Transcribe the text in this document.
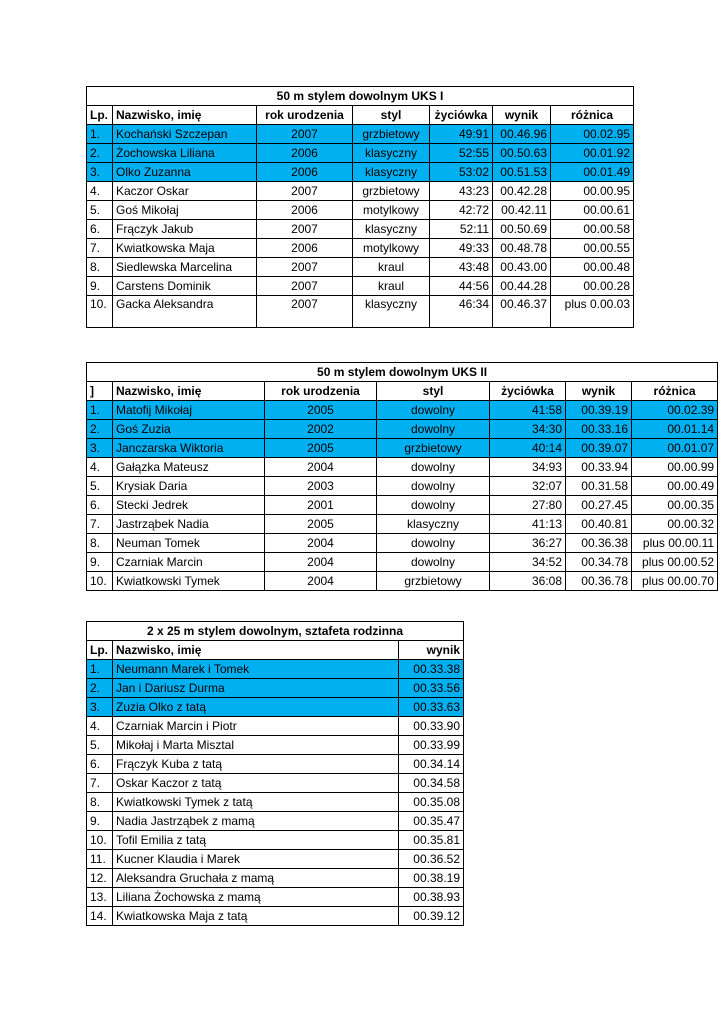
50 m stylem dowolnym UKS I						
Lp.	Nazwisko, imię	rok urodzenia	styl	życiówka	wynik	różnica
1.	Kochański Szczepan	2007	grzbietowy	49:91	00.46.96	00.02.95
2.	Żochowska Liliana	2006	klasyczny	52:55	00.50.63	00.01.92
3.	Olko Zuzanna	2006	klasyczny	53:02	00.51.53	00.01.49
4.	Kaczor Oskar	2007	grzbietowy	43:23	00.42.28	00.00.95
5.	Goś Mikołaj	2006	motylkowy	42:72	00.42.11	00.00.61
6.	Frączyk Jakub	2007	klasyczny	52:11	00.50.69	00.00.58
7.	Kwiatkowska Maja	2006	motylkowy	49:33	00.48.78	00.00.55
8.	Siedlewska Marcelina	2007	kraul	43:48	00.43.00	00.00.48
9.	Carstens Dominik	2007	kraul	44:56	00.44.28	00.00.28
10.	Gacka Aleksandra	2007	klasyczny	46:34	00.46.37	plus 0.00.03
50 m stylem dowolnym UKS II						
]	Nazwisko, imię	rok urodzenia	styl	życiówka	wynik	różnica
1.	Matofij Mikołaj	2005	dowolny	41:58	00.39.19	00.02.39
2.	Goś Zuzia	2002	dowolny	34:30	00.33.16	00.01.14
3.	Janczarska Wiktoria	2005	grzbietowy	40:14	00.39.07	00.01.07
4.	Gałązka Mateusz	2004	dowolny	34:93	00.33.94	00.00.99
5.	Krysiak Daria	2003	dowolny	32:07	00.31.58	00.00.49
6.	Stecki Jedrek	2001	dowolny	27:80	00.27.45	00.00.35
7.	Jastrząbek Nadia	2005	klasyczny	41:13	00.40.81	00.00.32
8.	Neuman Tomek	2004	dowolny	36:27	00.36.38	plus 00.00.11
9.	Czarniak Marcin	2004	dowolny	34:52	00.34.78	plus 00.00.52
10.	Kwiatkowski Tymek	2004	grzbietowy	36:08	00.36.78	plus 00.00.70
2 x 25 m stylem dowolnym, sztafeta rodzinna		
Lp.	Nazwisko, imię	wynik
1.	Neumann Marek i Tomek	00.33.38
2.	Jan i Dariusz Durma	00.33.56
3.	Zuzia Olko z tatą	00.33.63
4.	Czarniak Marcin i Piotr	00.33.90
5.	Mikołaj i Marta Misztal	00.33.99
6.	Frączyk Kuba z tatą	00.34.14
7.	Oskar Kaczor z tatą	00.34.58
8.	Kwiatkowski Tymek z tatą	00.35.08
9.	Nadia Jastrząbek z mamą	00.35.47
10.	Tofil Emilia z tatą	00.35.81
11.	Kucner Klaudia i Marek	00.36.52
12.	Aleksandra Gruchała z mamą	00.38.19
13.	Liliana Żochowska z mamą	00.38.93
14.	Kwiatkowska Maja z tatą	00.39.12
